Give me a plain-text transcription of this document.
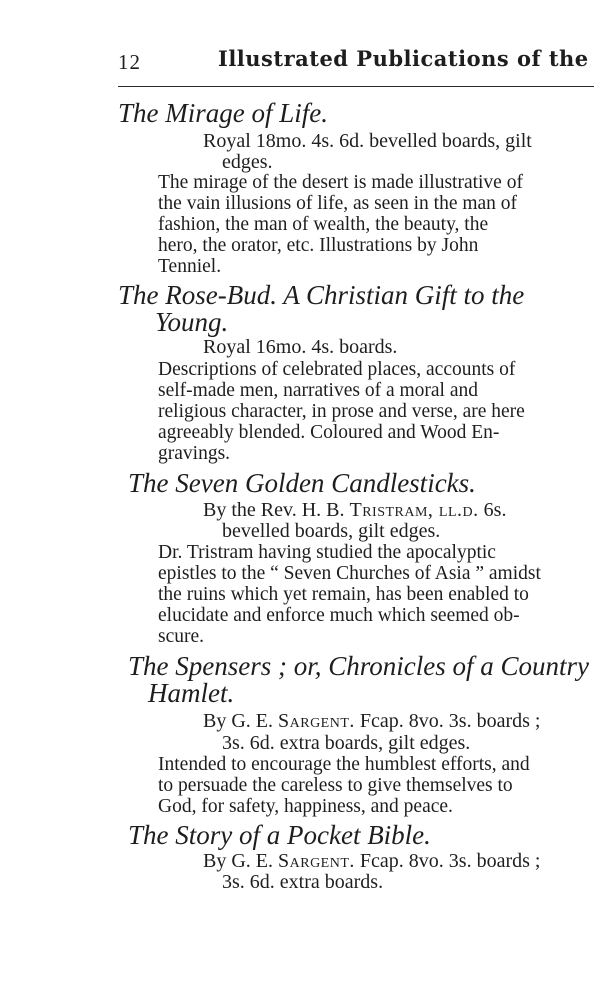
12	Illustrated Publications of the
The Mirage of Life.
Royal 18mo. 4s. 6d. bevelled boards, gilt
edges.
The mirage of the desert is made illustrative of
the vain illusions of life, as seen in the man of
fashion, the man of wealth, the beauty, the
hero, the orator, etc. Illustrations by John
Tenniel.
The Rose-Bud. A Christian Gift to the
Young.
Royal 16mo. 4s. boards.
Descriptions of celebrated places, accounts of
self-made men, narratives of a moral and
religious character, in prose and verse, are here
agreeably blended. Coloured and Wood En-
gravings.
The Seven Golden Candlesticks.
By the Rev. H. B. Tristram, ll.d. 6s.
bevelled boards, gilt edges.
Dr. Tristram having studied the apocalyptic
epistles to the “ Seven Churches of Asia ” amidst
the ruins which yet remain, has been enabled to
elucidate and enforce much which seemed ob-
scure.
The Spensers ; or, Chronicles of a Country
Hamlet.
By G. E. Sargent. Fcap. 8vo. 3s. boards ;
3s. 6d. extra boards, gilt edges.
Intended to encourage the humblest efforts, and
to persuade the careless to give themselves to
God, for safety, happiness, and peace.
The Story of a Pocket Bible.
By G. E. Sargent. Fcap. 8vo. 3s. boards ;
3s. 6d. extra boards.
